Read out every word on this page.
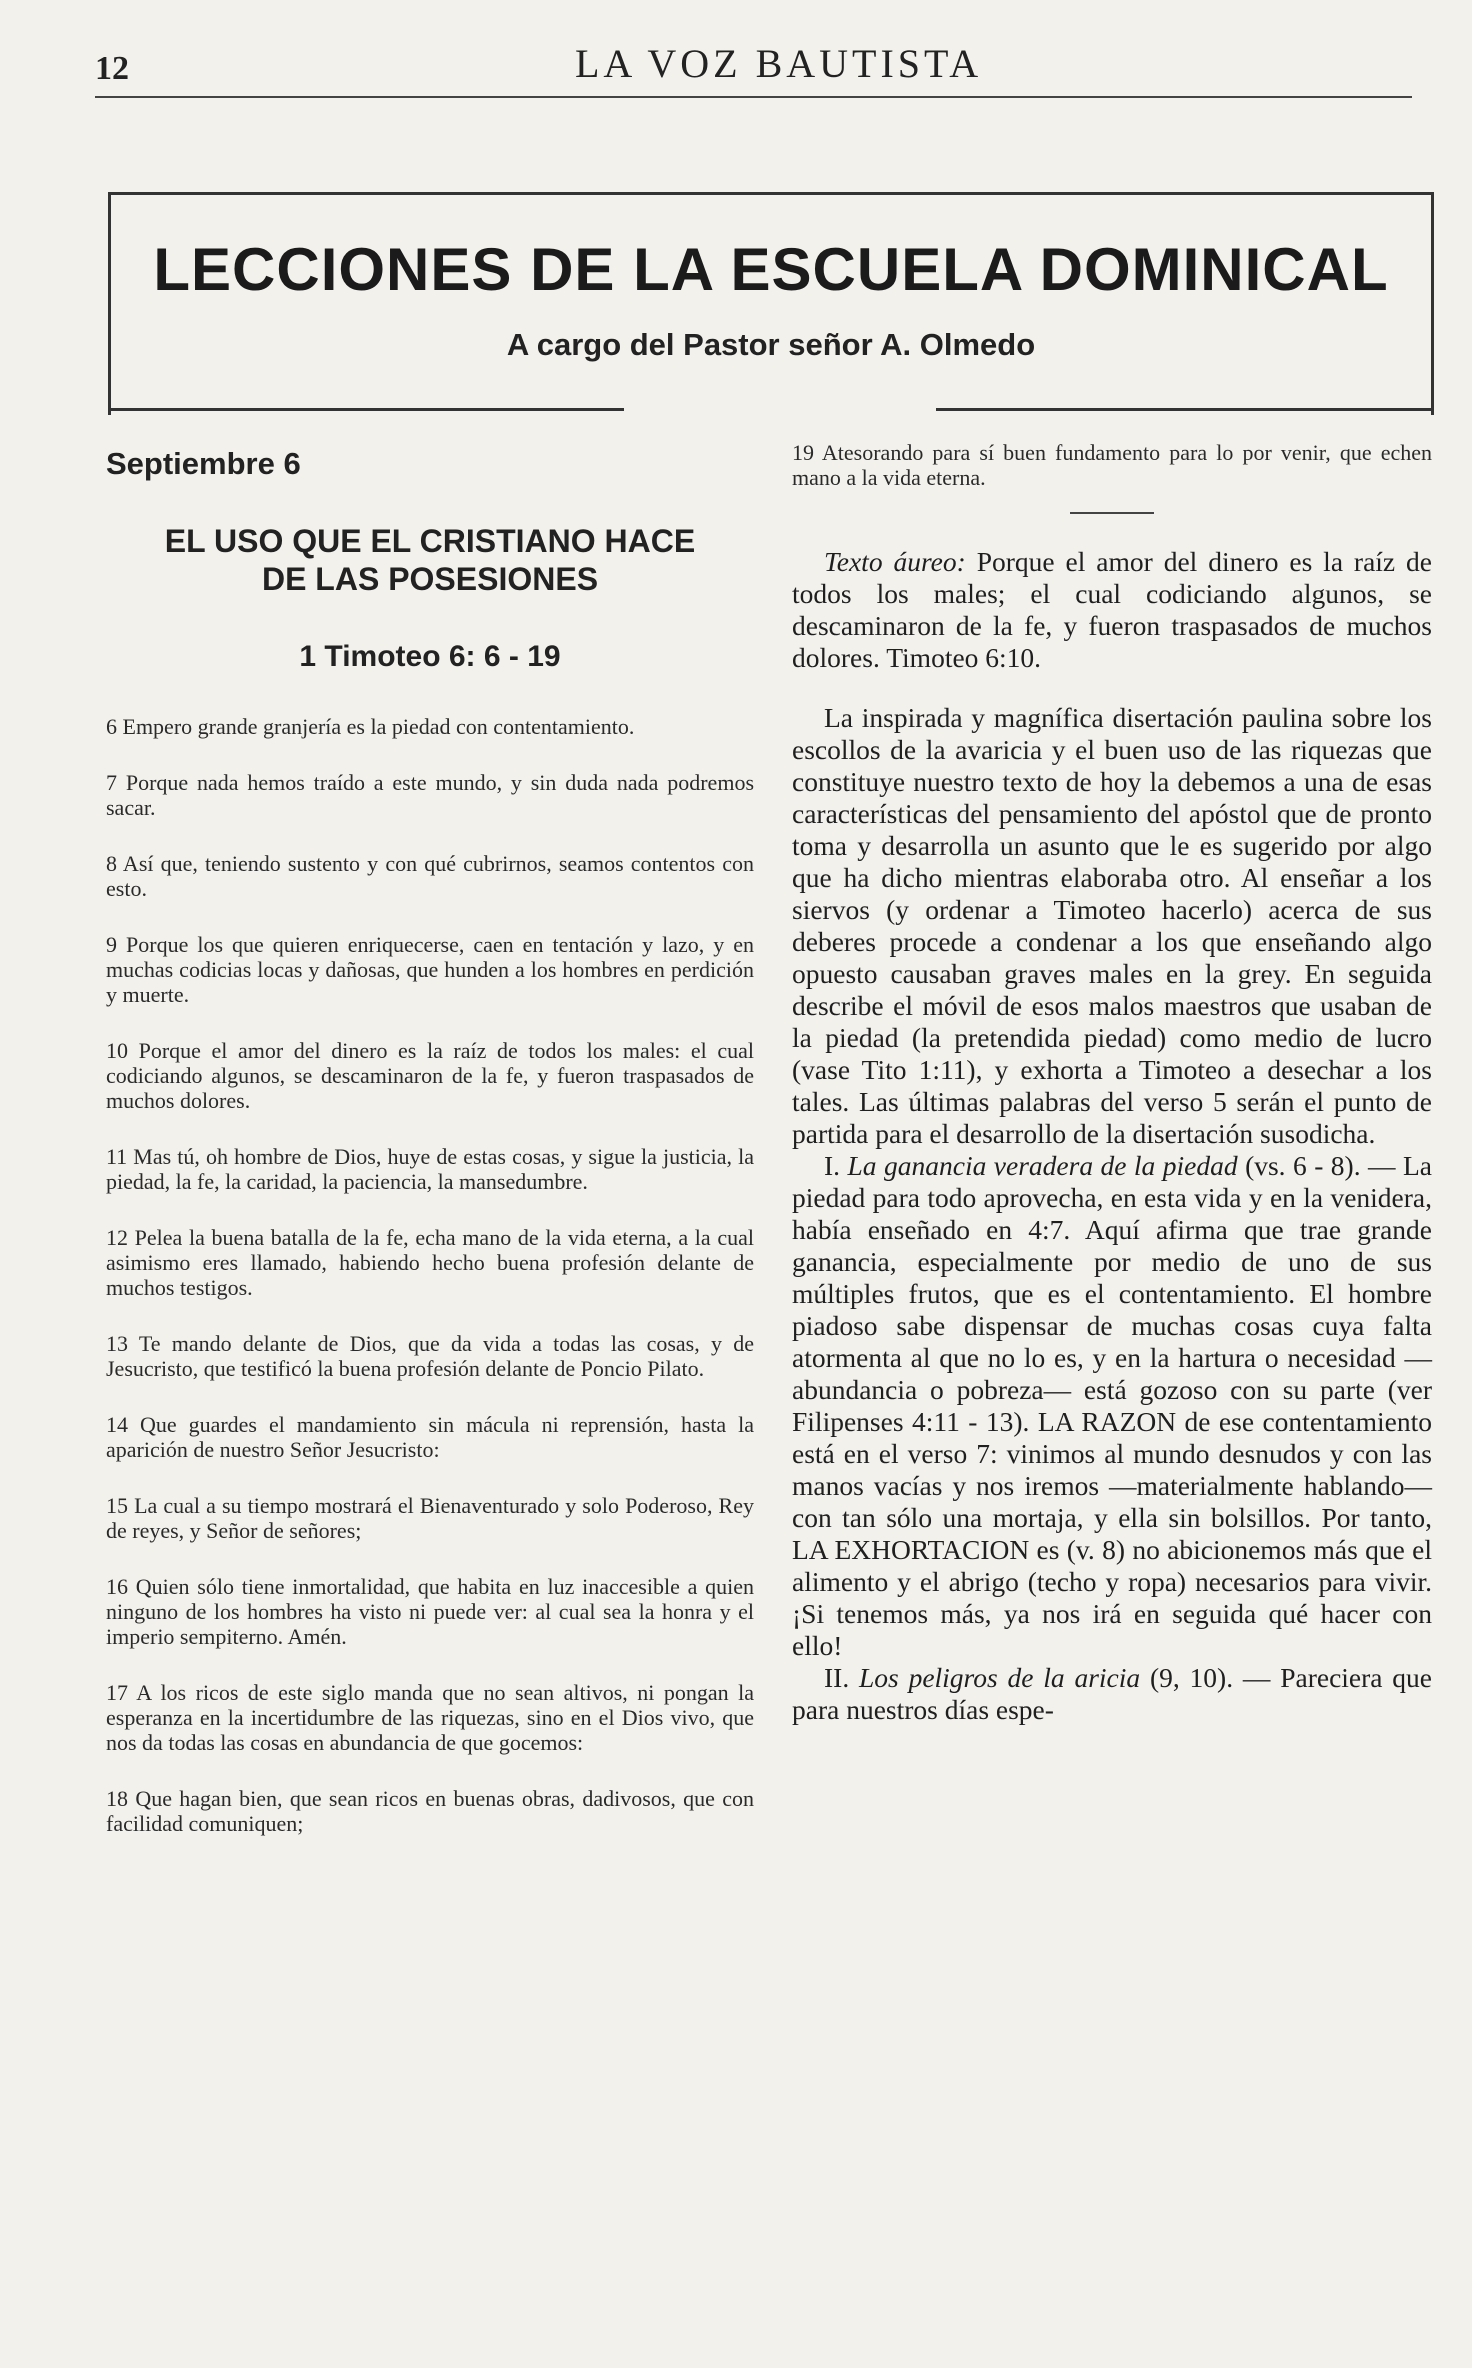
12	LA VOZ BAUTISTA
LECCIONES DE LA ESCUELA DOMINICAL
A cargo del Pastor señor A. Olmedo
Septiembre 6
EL USO QUE EL CRISTIANO HACE
DE LAS POSESIONES
1 Timoteo 6: 6 - 19

6 Empero grande granjería es la piedad con contentamiento.

7 Porque nada hemos traído a este mundo, y sin duda nada podremos sacar.

8 Así que, teniendo sustento y con qué cubrirnos, seamos contentos con esto.

9 Porque los que quieren enriquecerse, caen en tentación y lazo, y en muchas codicias locas y dañosas, que hunden a los hombres en perdición y muerte.

10 Porque el amor del dinero es la raíz de todos los males: el cual codiciando algunos, se descaminaron de la fe, y fueron traspasados de muchos dolores.

11 Mas tú, oh hombre de Dios, huye de estas cosas, y sigue la justicia, la piedad, la fe, la caridad, la paciencia, la mansedumbre.

12 Pelea la buena batalla de la fe, echa mano de la vida eterna, a la cual asimismo eres llamado, habiendo hecho buena profesión delante de muchos testigos.

13 Te mando delante de Dios, que da vida a todas las cosas, y de Jesucristo, que testificó la buena profesión delante de Poncio Pilato.

14 Que guardes el mandamiento sin mácula ni reprensión, hasta la aparición de nuestro Señor Jesucristo:

15 La cual a su tiempo mostrará el Bienaventurado y solo Poderoso, Rey de reyes, y Señor de señores;

16 Quien sólo tiene inmortalidad, que habita en luz inaccesible a quien ninguno de los hombres ha visto ni puede ver: al cual sea la honra y el imperio sempiterno. Amén.

17 A los ricos de este siglo manda que no sean altivos, ni pongan la esperanza en la incertidumbre de las riquezas, sino en el Dios vivo, que nos da todas las cosas en abundancia de que gocemos:

18 Que hagan bien, que sean ricos en buenas obras, dadivosos, que con facilidad comuniquen;

19 Atesorando para sí buen fundamento para lo por venir, que echen mano a la vida eterna.

Texto áureo: Porque el amor del dinero es la raíz de todos los males; el cual codiciando algunos, se descaminaron de la fe, y fueron traspasados de muchos dolores. Timoteo 6:10.

La inspirada y magnífica disertación paulina sobre los escollos de la avaricia y el buen uso de las riquezas que constituye nuestro texto de hoy la debemos a una de esas características del pensamiento del apóstol que de pronto toma y desarrolla un asunto que le es sugerido por algo que ha dicho mientras elaboraba otro. Al enseñar a los siervos (y ordenar a Timoteo hacerlo) acerca de sus deberes procede a condenar a los que enseñando algo opuesto causaban graves males en la grey. En seguida describe el móvil de esos malos maestros que usaban de la piedad (la pretendida piedad) como medio de lucro (vase Tito 1:11), y exhorta a Timoteo a desechar a los tales. Las últimas palabras del verso 5 serán el punto de partida para el desarrollo de la disertación susodicha.

I. La ganancia veradera de la piedad (vs. 6 - 8). — La piedad para todo aprovecha, en esta vida y en la venidera, había enseñado en 4:7. Aquí afirma que trae grande ganancia, especialmente por medio de uno de sus múltiples frutos, que es el contentamiento. El hombre piadoso sabe dispensar de muchas cosas cuya falta atormenta al que no lo es, y en la hartura o necesidad —abundancia o pobreza— está gozoso con su parte (ver Filipenses 4:11 - 13). LA RAZON de ese contentamiento está en el verso 7: vinimos al mundo desnudos y con las manos vacías y nos iremos —materialmente hablando— con tan sólo una mortaja, y ella sin bolsillos. Por tanto, LA EXHORTACION es (v. 8) no abicionemos más que el alimento y el abrigo (techo y ropa) necesarios para vivir. ¡Si tenemos más, ya nos irá en seguida qué hacer con ello!

II. Los peligros de la aricia (9, 10). — Pareciera que para nuestros días espe-
